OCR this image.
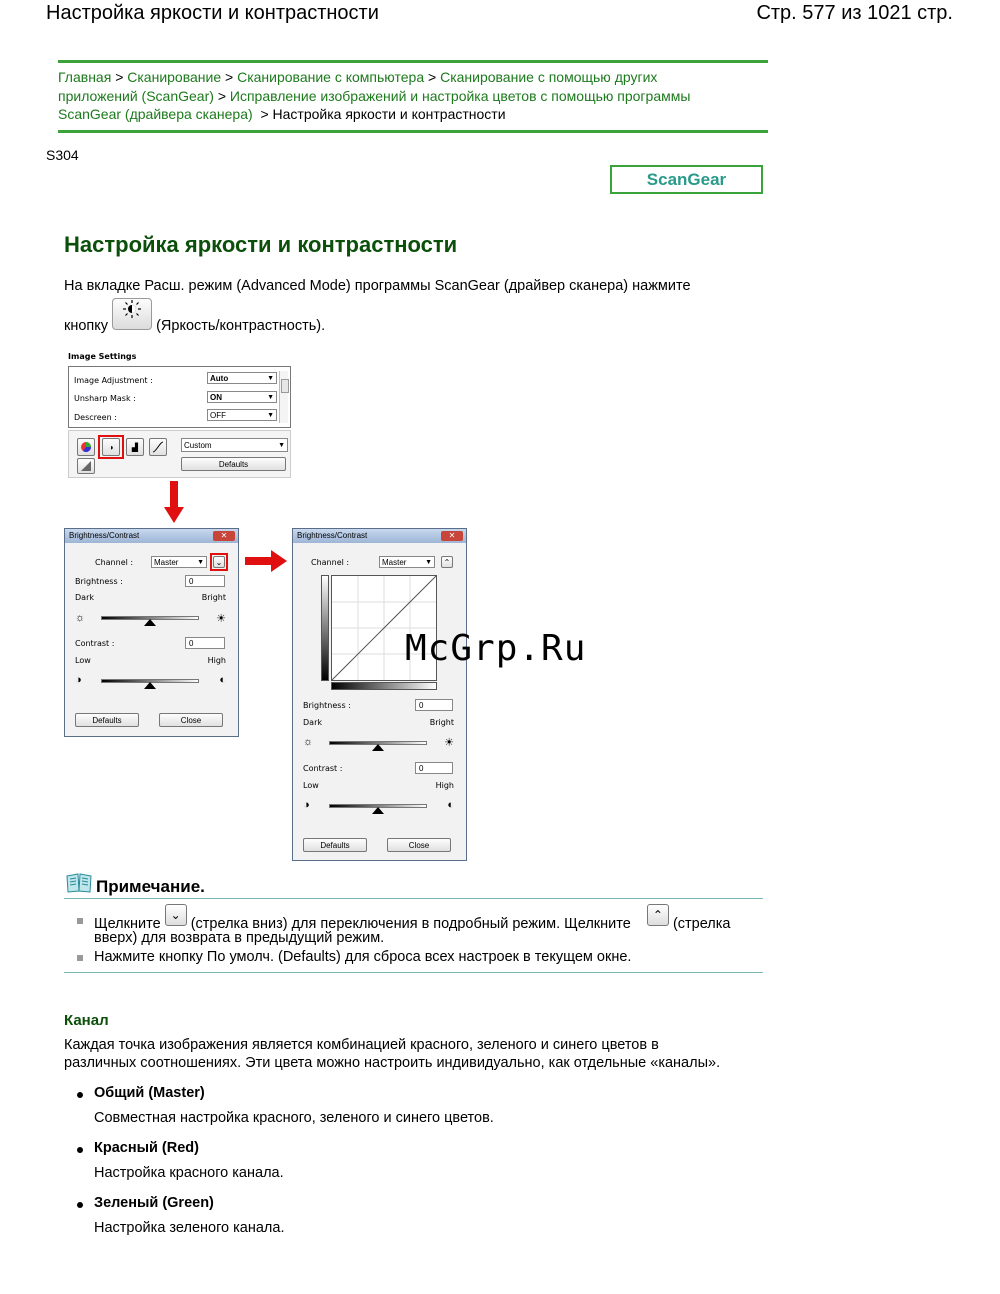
Настройка яркости и контрастности	Стр. 577 из 1021 стр.
Главная > Сканирование > Сканирование с компьютера > Сканирование с помощью других
приложений (ScanGear) > Исправление изображений и настройка цветов с помощью программы
ScanGear (драйвера сканера) > Настройка яркости и контрастности
S304
ScanGear
Настройка яркости и контрастности
На вкладке Расш. режим (Advanced Mode) программы ScanGear (драйвер сканера) нажмите
кнопку	(Яркость/контрастность).
Image Settings
Image Adjustment :	Auto	▼
Unsharp Mask :	ON	▼
Descreen :	OFF	▼
◑	▟	Custom	▼
Defaults
Brightness/Contrast	✕
Channel :	Master	▼	⌄
Brightness :	0
Dark	Bright
☼	☀
Contrast :	0
Low	High
◑	◐
Defaults	Close
Brightness/Contrast	✕
Channel :	Master	▼	⌃
Brightness :	0
Dark	Bright
☼	☀
Contrast :	0
Low	High
◑	◐
Defaults	Close
McGrp.Ru
Примечание.
Щелкните ⌄ (стрелка вниз) для переключения в подробный режим. Щелкните    ⌃ (стрелка
вверх) для возврата в предыдущий режим.
Нажмите кнопку По умолч. (Defaults) для сброса всех настроек в текущем окне.
Канал
Каждая точка изображения является комбинацией красного, зеленого и синего цветов в
различных соотношениях. Эти цвета можно настроить индивидуально, как отдельные «каналы».
Общий (Master)
Совместная настройка красного, зеленого и синего цветов.
Красный (Red)
Настройка красного канала.
Зеленый (Green)
Настройка зеленого канала.
